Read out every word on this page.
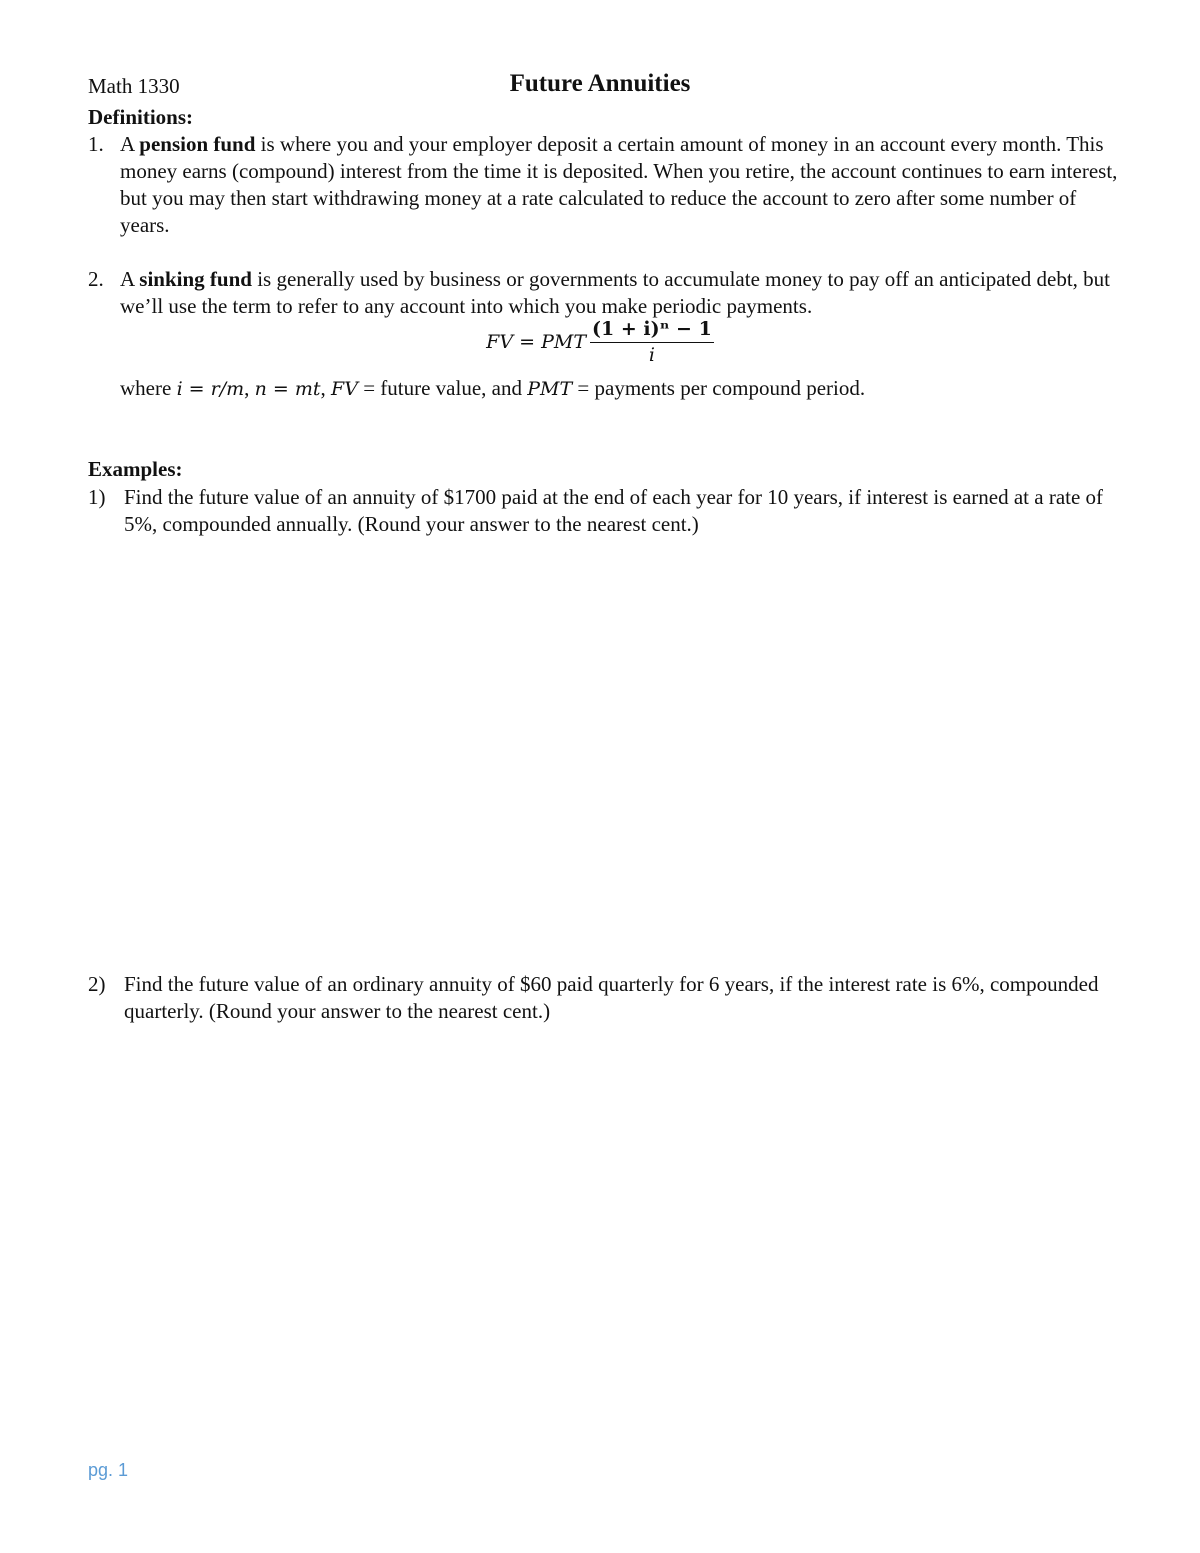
Math 1330	Future Annuities
Definitions:
1. A pension fund is where you and your employer deposit a certain amount of money in an account every month. This money earns (compound) interest from the time it is deposited. When you retire, the account continues to earn interest, but you may then start withdrawing money at a rate calculated to reduce the account to zero after some number of years.
2. A sinking fund is generally used by business or governments to accumulate money to pay off an anticipated debt, but we’ll use the term to refer to any account into which you make periodic payments.
FV = PMT $\frac{\text{(1 + i)ⁿ − 1}}{i}$
where i = r/m, n = mt, FV = future value, and PMT = payments per compound period.
Examples:
1) Find the future value of an annuity of $1700 paid at the end of each year for 10 years, if interest is earned at a rate of 5%, compounded annually. (Round your answer to the nearest cent.)
2) Find the future value of an ordinary annuity of $60 paid quarterly for 6 years, if the interest rate is 6%, compounded quarterly. (Round your answer to the nearest cent.)
pg. 1
